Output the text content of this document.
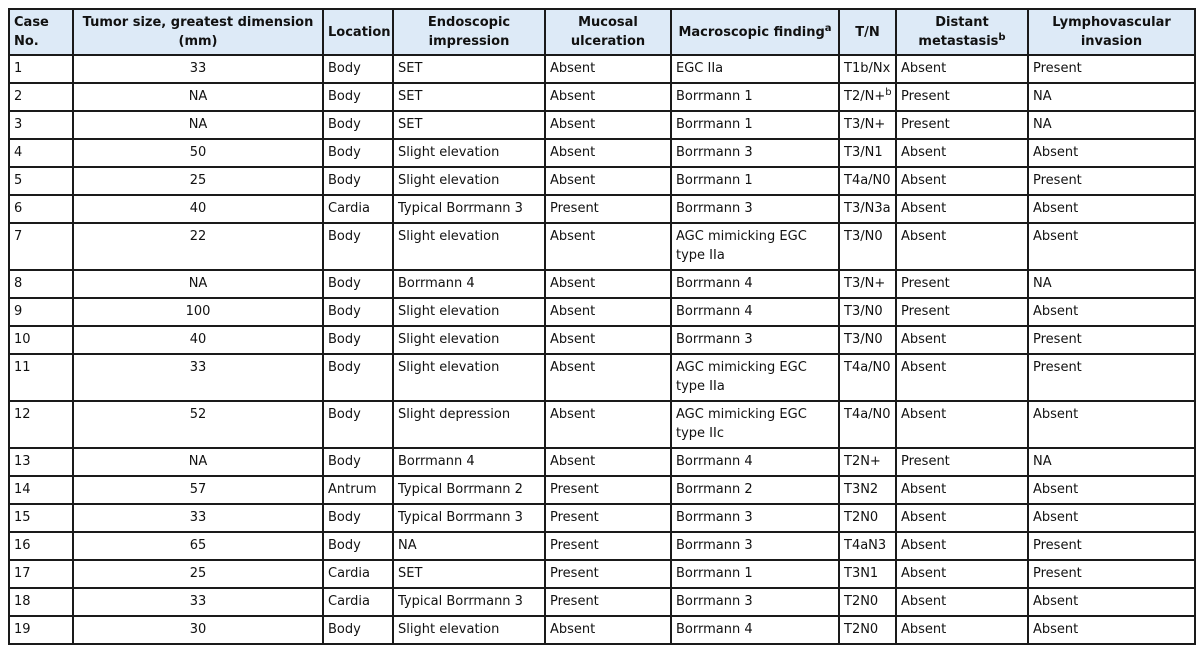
Case No.	Tumor size, greatest dimension (mm)	Location	Endoscopic impression	Mucosal ulceration	Macroscopic finding$^a$	T/N	Distant metastasis$^b$	Lymphovascular invasion
1	33	Body	SET	Absent	EGC IIa	T1b/Nx	Absent	Present
2	NA	Body	SET	Absent	Borrmann 1	T2/N+$^b$	Present	NA
3	NA	Body	SET	Absent	Borrmann 1	T3/N+	Present	NA
4	50	Body	Slight elevation	Absent	Borrmann 3	T3/N1	Absent	Absent
5	25	Body	Slight elevation	Absent	Borrmann 1	T4a/N0	Absent	Present
6	40	Cardia	Typical Borrmann 3	Present	Borrmann 3	T3/N3a	Absent	Absent
7	22	Body	Slight elevation	Absent	AGC mimicking EGC type IIa	T3/N0	Absent	Absent
8	NA	Body	Borrmann 4	Absent	Borrmann 4	T3/N+	Present	NA
9	100	Body	Slight elevation	Absent	Borrmann 4	T3/N0	Present	Absent
10	40	Body	Slight elevation	Absent	Borrmann 3	T3/N0	Absent	Present
11	33	Body	Slight elevation	Absent	AGC mimicking EGC type IIa	T4a/N0	Absent	Present
12	52	Body	Slight depression	Absent	AGC mimicking EGC type IIc	T4a/N0	Absent	Absent
13	NA	Body	Borrmann 4	Absent	Borrmann 4	T2N+	Present	NA
14	57	Antrum	Typical Borrmann 2	Present	Borrmann 2	T3N2	Absent	Absent
15	33	Body	Typical Borrmann 3	Present	Borrmann 3	T2N0	Absent	Absent
16	65	Body	NA	Present	Borrmann 3	T4aN3	Absent	Present
17	25	Cardia	SET	Present	Borrmann 1	T3N1	Absent	Present
18	33	Cardia	Typical Borrmann 3	Present	Borrmann 3	T2N0	Absent	Absent
19	30	Body	Slight elevation	Absent	Borrmann 4	T2N0	Absent	Absent
